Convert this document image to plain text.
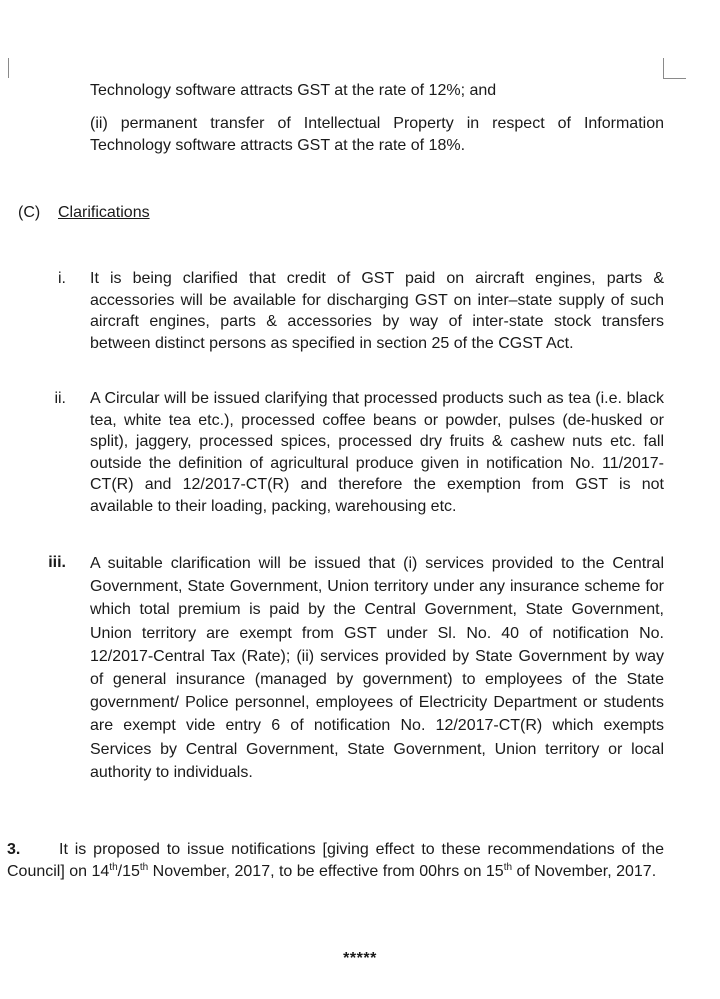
Technology software attracts GST at the rate of 12%; and
(ii) permanent transfer of Intellectual Property in respect of Information Technology software attracts GST at the rate of 18%.
(C) Clarifications
i. It is being clarified that credit of GST paid on aircraft engines, parts & accessories will be available for discharging GST on inter–state supply of such aircraft engines, parts & accessories by way of inter-state stock transfers between distinct persons as specified in section 25 of the CGST Act.
ii. A Circular will be issued clarifying that processed products such as tea (i.e. black tea, white tea etc.), processed coffee beans or powder, pulses (de-husked or split), jaggery, processed spices, processed dry fruits & cashew nuts etc. fall outside the definition of agricultural produce given in notification No. 11/2017-CT(R) and 12/2017-CT(R) and therefore the exemption from GST is not available to their loading, packing, warehousing etc.
iii. A suitable clarification will be issued that (i) services provided to the Central Government, State Government, Union territory under any insurance scheme for which total premium is paid by the Central Government, State Government, Union territory are exempt from GST under Sl. No. 40 of notification No. 12/2017-Central Tax (Rate); (ii) services provided by State Government by way of general insurance (managed by government) to employees of the State government/ Police personnel, employees of Electricity Department or students are exempt vide entry 6 of notification No. 12/2017-CT(R) which exempts Services by Central Government, State Government, Union territory or local authority to individuals.
3. It is proposed to issue notifications [giving effect to these recommendations of the Council] on 14th/15th November, 2017, to be effective from 00hrs on 15th of November, 2017.
*****
